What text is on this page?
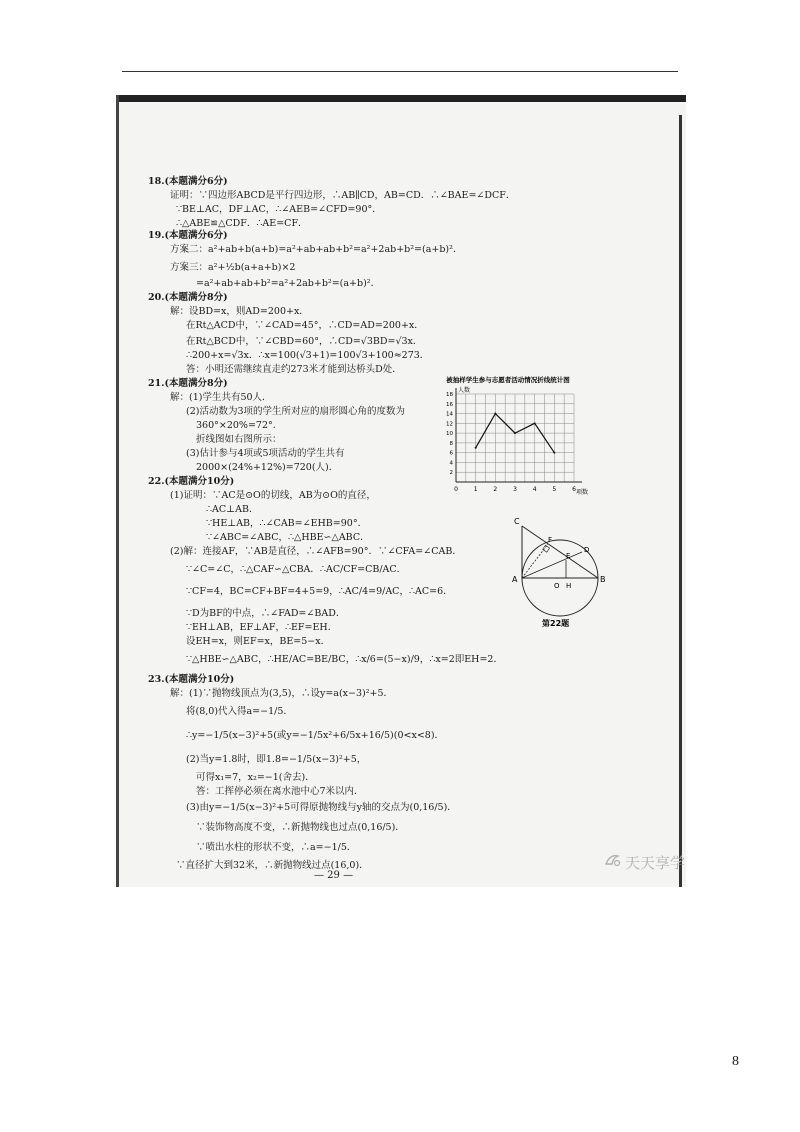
18.(本题满分6分)
证明：∵四边形ABCD是平行四边形，∴AB∥CD，AB=CD．∴∠BAE=∠DCF．
∵BE⊥AC，DF⊥AC，∴∠AEB=∠CFD=90°．
∴△ABE≌△CDF．∴AE=CF．
19.(本题满分6分)
方案二：a²+ab+b(a+b)=a²+ab+ab+b²=a²+2ab+b²=(a+b)²．
方案三：a²+½b(a+a+b)×2
=a²+ab+ab+b²=a²+2ab+b²=(a+b)²．
20.(本题满分8分)
解：设BD=x，则AD=200+x．
在Rt△ACD中，∵∠CAD=45°，∴CD=AD=200+x．
在Rt△BCD中，∵∠CBD=60°，∴CD=√3BD=√3x．
∴200+x=√3x．∴x=100(√3+1)=100√3+100≈273．
答：小明还需继续直走约273米才能到达桥头D处．
21.(本题满分8分)
解：(1)学生共有50人．
(2)活动数为3项的学生所对应的扇形圆心角的度数为
360°×20%=72°．
折线图如右图所示：
(3)估计参与4项或5项活动的学生共有
2000×(24%+12%)=720(人)．
22.(本题满分10分)
(1)证明：∵AC是⊙O的切线，AB为⊙O的直径，
∴AC⊥AB．
∵HE⊥AB，∴∠CAB=∠EHB=90°．
∵∠ABC=∠ABC，∴△HBE∽△ABC．
(2)解：连接AF，∵AB是直径，∴∠AFB=90°．∵∠CFA=∠CAB．
∵∠C=∠C，∴△CAF∽△CBA．∴AC/CF=CB/AC．
∵CF=4，BC=CF+BF=4+5=9，∴AC/4=9/AC，∴AC=6．
∵D为BF的中点，∴∠FAD=∠BAD．
∵EH⊥AB，EF⊥AF，∴EF=EH．
设EH=x，则EF=x，BE=5−x．
∵△HBE∽△ABC，∴HE/AC=BE/BC，∴x/6=(5−x)/9，∴x=2即EH=2．
23.(本题满分10分)
解：(1)∵抛物线顶点为(3,5)，∴设y=a(x−3)²+5．
将(8,0)代入得a=−1/5．
∴y=−1/5(x−3)²+5(或y=−1/5x²+6/5x+16/5)(0<x<8)．
(2)当y=1.8时，即1.8=−1/5(x−3)²+5，
可得x₁=7，x₂=−1(舍去)．
答：工挥停必须在离水池中心7米以内．
(3)由y=−1/5(x−3)²+5可得原抛物线与y轴的交点为(0,16/5)．
∵装饰物高度不变，∴新抛物线也过点(0,16/5)．
∵喷出水柱的形状不变，∴a=−1/5．
∵直径扩大到32米，∴新抛物线过点(16,0)．
被抽样学生参与志愿者活动情况折线统计图
人数
项数
0	1	2	3	4	5	6
2
4
6
8
10
12
14
16
18
C
F
E
D
A
O H
B
第22题
— 29 —
天天享学
8
